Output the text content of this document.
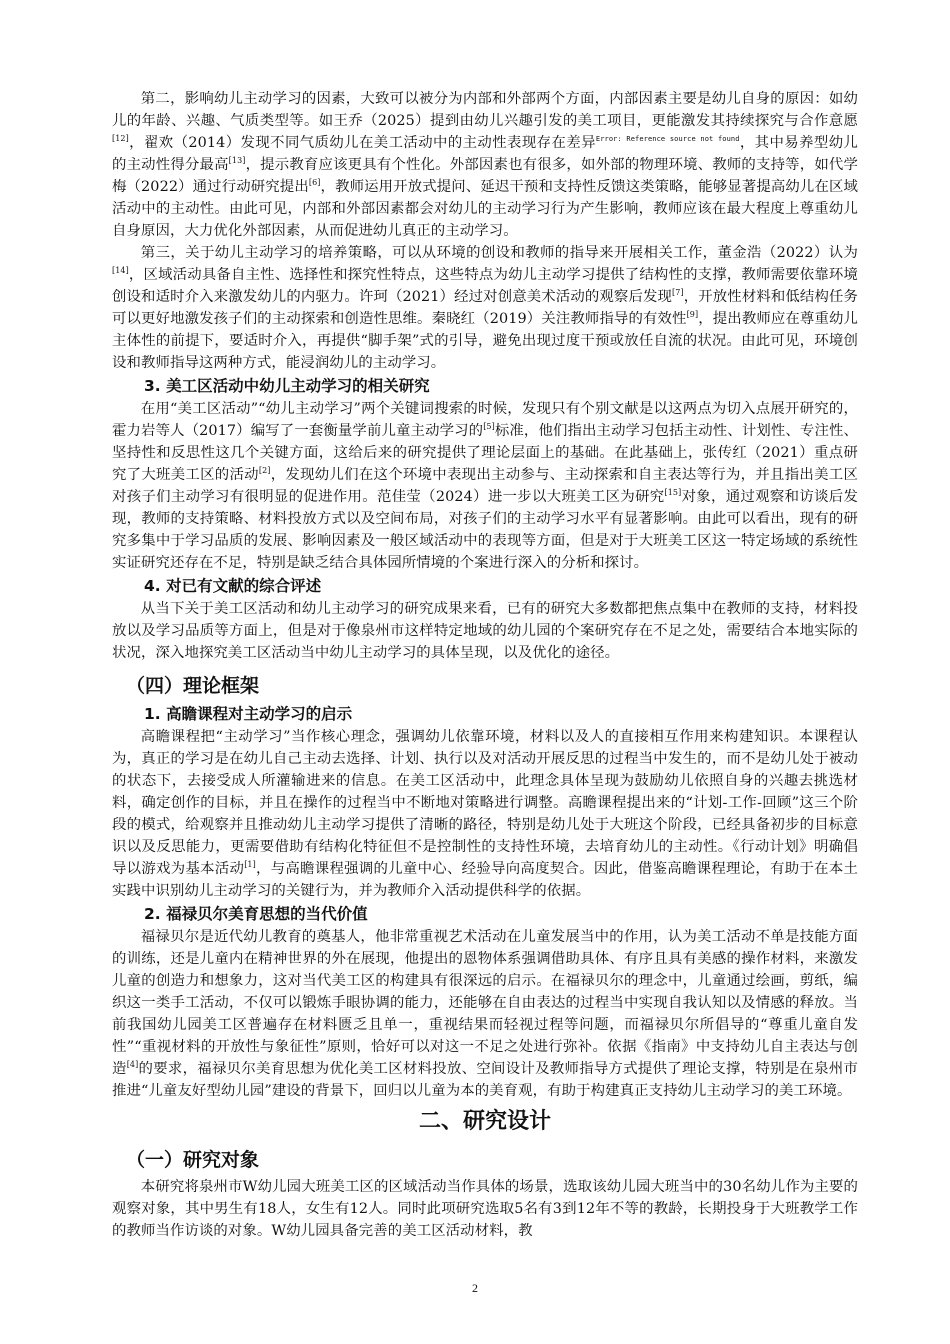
第二，影响幼儿主动学习的因素，大致可以被分为内部和外部两个方面，内部因素主要是幼儿自身的原因：如幼儿的年龄、兴趣、气质类型等。如王乔（2025）提到由幼儿兴趣引发的美工项目，更能激发其持续探究与合作意愿[12]，翟欢（2014）发现不同气质幼儿在美工活动中的主动性表现存在差异$^{Error: Reference source not found}$，其中易养型幼儿的主动性得分最高[13]，提示教育应该更具有个性化。外部因素也有很多，如外部的物理环境、教师的支持等，如代学梅（2022）通过行动研究提出[6]，教师运用开放式提问、延迟干预和支持性反馈这类策略，能够显著提高幼儿在区域活动中的主动性。由此可见，内部和外部因素都会对幼儿的主动学习行为产生影响，教师应该在最大程度上尊重幼儿自身原因，大力优化外部因素，从而促进幼儿真正的主动学习。

第三，关于幼儿主动学习的培养策略，可以从环境的创设和教师的指导来开展相关工作，董金浩（2022）认为[14]，区域活动具备自主性、选择性和探究性特点，这些特点为幼儿主动学习提供了结构性的支撑，教师需要依靠环境创设和适时介入来激发幼儿的内驱力。许珂（2021）经过对创意美术活动的观察后发现[7]，开放性材料和低结构任务可以更好地激发孩子们的主动探索和创造性思维。秦晓红（2019）关注教师指导的有效性[9]，提出教师应在尊重幼儿主体性的前提下，要适时介入，再提供“脚手架”式的引导，避免出现过度干预或放任自流的状况。由此可见，环境创设和教师指导这两种方式，能浸润幼儿的主动学习。

3. 美工区活动中幼儿主动学习的相关研究

在用“美工区活动”“幼儿主动学习”两个关键词搜索的时候，发现只有个别文献是以这两点为切入点展开研究的，霍力岩等人（2017）编写了一套衡量学前儿童主动学习的[5]标准，他们指出主动学习包括主动性、计划性、专注性、坚持性和反思性这几个关键方面，这给后来的研究提供了理论层面上的基础。在此基础上，张传红（2021）重点研究了大班美工区的活动[2]，发现幼儿们在这个环境中表现出主动参与、主动探索和自主表达等行为，并且指出美工区对孩子们主动学习有很明显的促进作用。范佳莹（2024）进一步以大班美工区为研究[15]对象，通过观察和访谈后发现，教师的支持策略、材料投放方式以及空间布局，对孩子们的主动学习水平有显著影响。由此可以看出，现有的研究多集中于学习品质的发展、影响因素及一般区域活动中的表现等方面，但是对于大班美工区这一特定场域的系统性实证研究还存在不足，特别是缺乏结合具体园所情境的个案进行深入的分析和探讨。

4. 对已有文献的综合评述

从当下关于美工区活动和幼儿主动学习的研究成果来看，已有的研究大多数都把焦点集中在教师的支持，材料投放以及学习品质等方面上，但是对于像泉州市这样特定地域的幼儿园的个案研究存在不足之处，需要结合本地实际的状况，深入地探究美工区活动当中幼儿主动学习的具体呈现，以及优化的途径。

（四）理论框架
1. 高瞻课程对主动学习的启示

高瞻课程把“主动学习”当作核心理念，强调幼儿依靠环境，材料以及人的直接相互作用来构建知识。本课程认为，真正的学习是在幼儿自己主动去选择、计划、执行以及对活动开展反思的过程当中发生的，而不是幼儿处于被动的状态下，去接受成人所灌输进来的信息。在美工区活动中，此理念具体呈现为鼓励幼儿依照自身的兴趣去挑选材料，确定创作的目标，并且在操作的过程当中不断地对策略进行调整。高瞻课程提出来的“计划-工作-回顾”这三个阶段的模式，给观察并且推动幼儿主动学习提供了清晰的路径，特别是幼儿处于大班这个阶段，已经具备初步的目标意识以及反思能力，更需要借助有结构化特征但不是控制性的支持性环境，去培育幼儿的主动性。《行动计划》明确倡导以游戏为基本活动[1]，与高瞻课程强调的儿童中心、经验导向高度契合。因此，借鉴高瞻课程理论，有助于在本土实践中识别幼儿主动学习的关键行为，并为教师介入活动提供科学的依据。

2. 福禄贝尔美育思想的当代价值

福禄贝尔是近代幼儿教育的奠基人，他非常重视艺术活动在儿童发展当中的作用，认为美工活动不单是技能方面的训练，还是儿童内在精神世界的外在展现，他提出的恩物体系强调借助具体、有序且具有美感的操作材料，来激发儿童的创造力和想象力，这对当代美工区的构建具有很深远的启示。在福禄贝尔的理念中，儿童通过绘画，剪纸，编织这一类手工活动，不仅可以锻炼手眼协调的能力，还能够在自由表达的过程当中实现自我认知以及情感的释放。当前我国幼儿园美工区普遍存在材料匮乏且单一，重视结果而轻视过程等问题，而福禄贝尔所倡导的“尊重儿童自发性”“重视材料的开放性与象征性”原则，恰好可以对这一不足之处进行弥补。依据《指南》中支持幼儿自主表达与创造[4]的要求，福禄贝尔美育思想为优化美工区材料投放、空间设计及教师指导方式提供了理论支撑，特别是在泉州市推进“儿童友好型幼儿园”建设的背景下，回归以儿童为本的美育观，有助于构建真正支持幼儿主动学习的美工环境。

二、研究设计
（一）研究对象

本研究将泉州市W幼儿园大班美工区的区域活动当作具体的场景，选取该幼儿园大班当中的30名幼儿作为主要的观察对象，其中男生有18人，女生有12人。同时此项研究选取5名有3到12年不等的教龄，长期投身于大班教学工作的教师当作访谈的对象。W幼儿园具备完善的美工区活动材料，教

2
